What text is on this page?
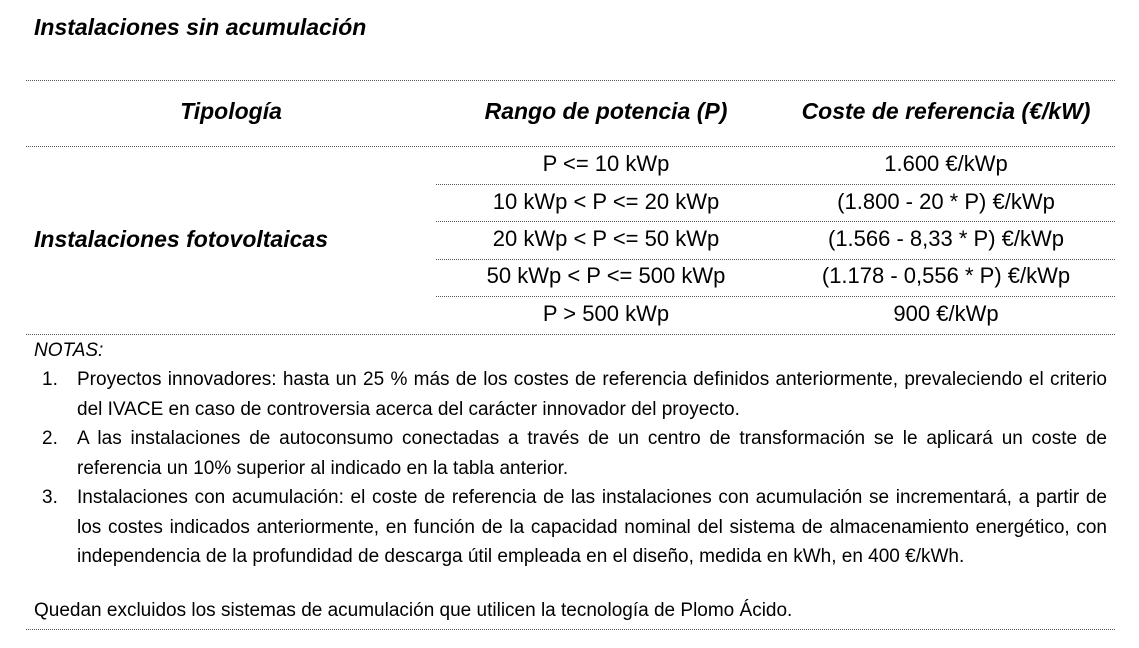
Instalaciones sin acumulación
Tipología	Rango de potencia (P)	Coste de referencia (€/kW)
Instalaciones fotovoltaicas
P <= 10 kWp	1.600 €/kWp
10 kWp < P <= 20 kWp	(1.800 - 20 * P) €/kWp
20 kWp < P <= 50 kWp	(1.566 - 8,33 * P) €/kWp
50 kWp < P <= 500 kWp	(1.178 - 0,556 * P) €/kWp
P > 500 kWp	900 €/kWp
NOTAS:
1.	Proyectos innovadores: hasta un 25 % más de los costes de referencia definidos anteriormente, prevaleciendo el criterio del IVACE en caso de controversia acerca del carácter innovador del proyecto.
2.	A las instalaciones de autoconsumo conectadas a través de un centro de transformación se le aplicará un coste de referencia un 10% superior al indicado en la tabla anterior.
3.	Instalaciones con acumulación: el coste de referencia de las instalaciones con acumulación se incrementará, a partir de los costes indicados anteriormente, en función de la capacidad nominal del sistema de almacenamiento energético, con independencia de la profundidad de descarga útil empleada en el diseño, medida en kWh, en 400 €/kWh.
Quedan excluidos los sistemas de acumulación que utilicen la tecnología de Plomo Ácido.
